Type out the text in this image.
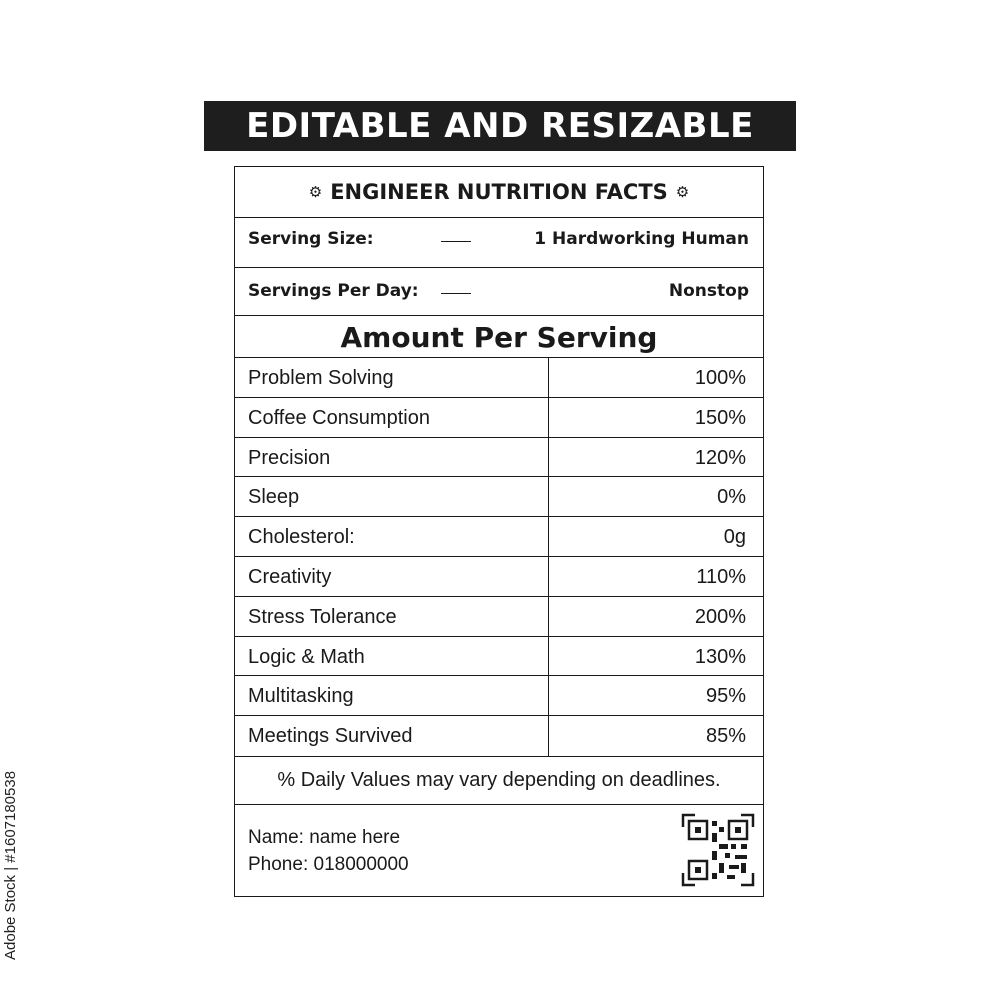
EDITABLE AND RESIZABLE
⚙ ENGINEER NUTRITION FACTS ⚙
Serving Size:	1 Hardworking Human
Servings Per Day:	Nonstop
Amount Per Serving
Problem Solving	100%
Coffee Consumption	150%
Precision	120%
Sleep	0%
Cholesterol:	0g
Creativity	110%
Stress Tolerance	200%
Logic & Math	130%
Multitasking	95%
Meetings Survived	85%
% Daily Values may vary depending on deadlines.
Name: name here
Phone: 018000000
Adobe Stock | #1607180538
